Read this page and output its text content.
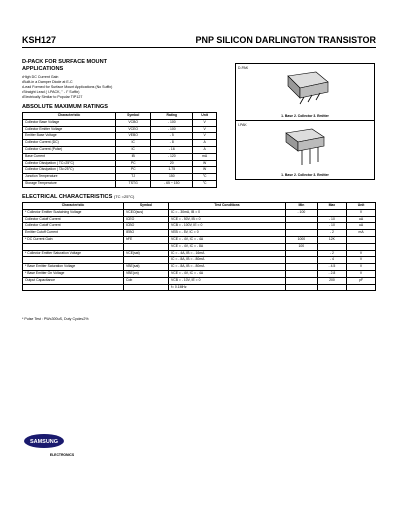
KSH127	PNP SILICON DARLINGTON TRANSISTOR
D-PACK FOR SURFACE MOUNT
APPLICATIONS
• High DC Current Gain
• Built-in a Damper Diode at E-C
• Lead Formed for Surface Mount Applications (No Suffix)
• Straight Lead ( I-PACK, " - I" Suffix)
• Electrically Similar to Popular TIP127
ABSOLUTE MAXIMUM RATINGS
Characteristic	Symbol	Rating	Unit
Collector Base Voltage	VCBO	- 100	V
Collector Emitter Voltage	VCEO	- 100	V
Emitter Base Voltage	VEBO	- 5	V
Collector Current (DC)	IC	- 8	A
Collector Current (Pulse)	IC	- 16	A
Base Current	IB	- 120	mA
Collector Dissipation ( TC=25°C)	PC	20	W
Collector Dissipation ( TA=25°C)	PC	1.75	W
Junction Temperature	TJ	150	°C
Storage Temperature	TSTG	- 65 ~ 150	°C
D-PAK
1. Base 2. Collector 3. Emitter
I-PAK
1. Base 2. Collector 3. Emitter
ELECTRICAL CHARACTERISTICS (TC =25°C)
Characteristic	Symbol	Test Conditions	Min	Max	Unit
* Collector Emitter Sustaining Voltage	VCEO(sus)	IC = - 30mA, IB = 0	- 100		V
Collector Cutoff Current	ICEO	VCE = - 50V, IB = 0		- 10	uA
Collector Cutoff Current	ICBO	VCB = - 100V, IE = 0		- 10	uA
Emitter Cutoff Current	IEBO	VEB = - 5V, IC = 0		- 2	mA
* DC Current Gain	hFE	VCE = - 4V, IC = - 4A	1000	12K	
		VCE = - 4V, IC = - 8A	100		
* Collector Emitter Saturation Voltage	VCE(sat)	IC = - 4A, IB = - 16mA		- 2	V
		IC = - 8A, IB = - 80mA		- 4	V
* Base Emitter Saturation Voltage	VBE(sat)	IC = - 8A, IB = - 80mA		- 4.5	V
* Base Emitter On Voltage	VBE(on)	VCE = - 4V, IC = - 4A		- 2.8	V
Output Capacitance	Cob	VCB = - 10V, IE = 0		200	pF
		f= 0.1MHz			
* Pulse Test : PW≤300uS, Duty Cycle≤2%
SAMSUNG
ELECTRONICS
